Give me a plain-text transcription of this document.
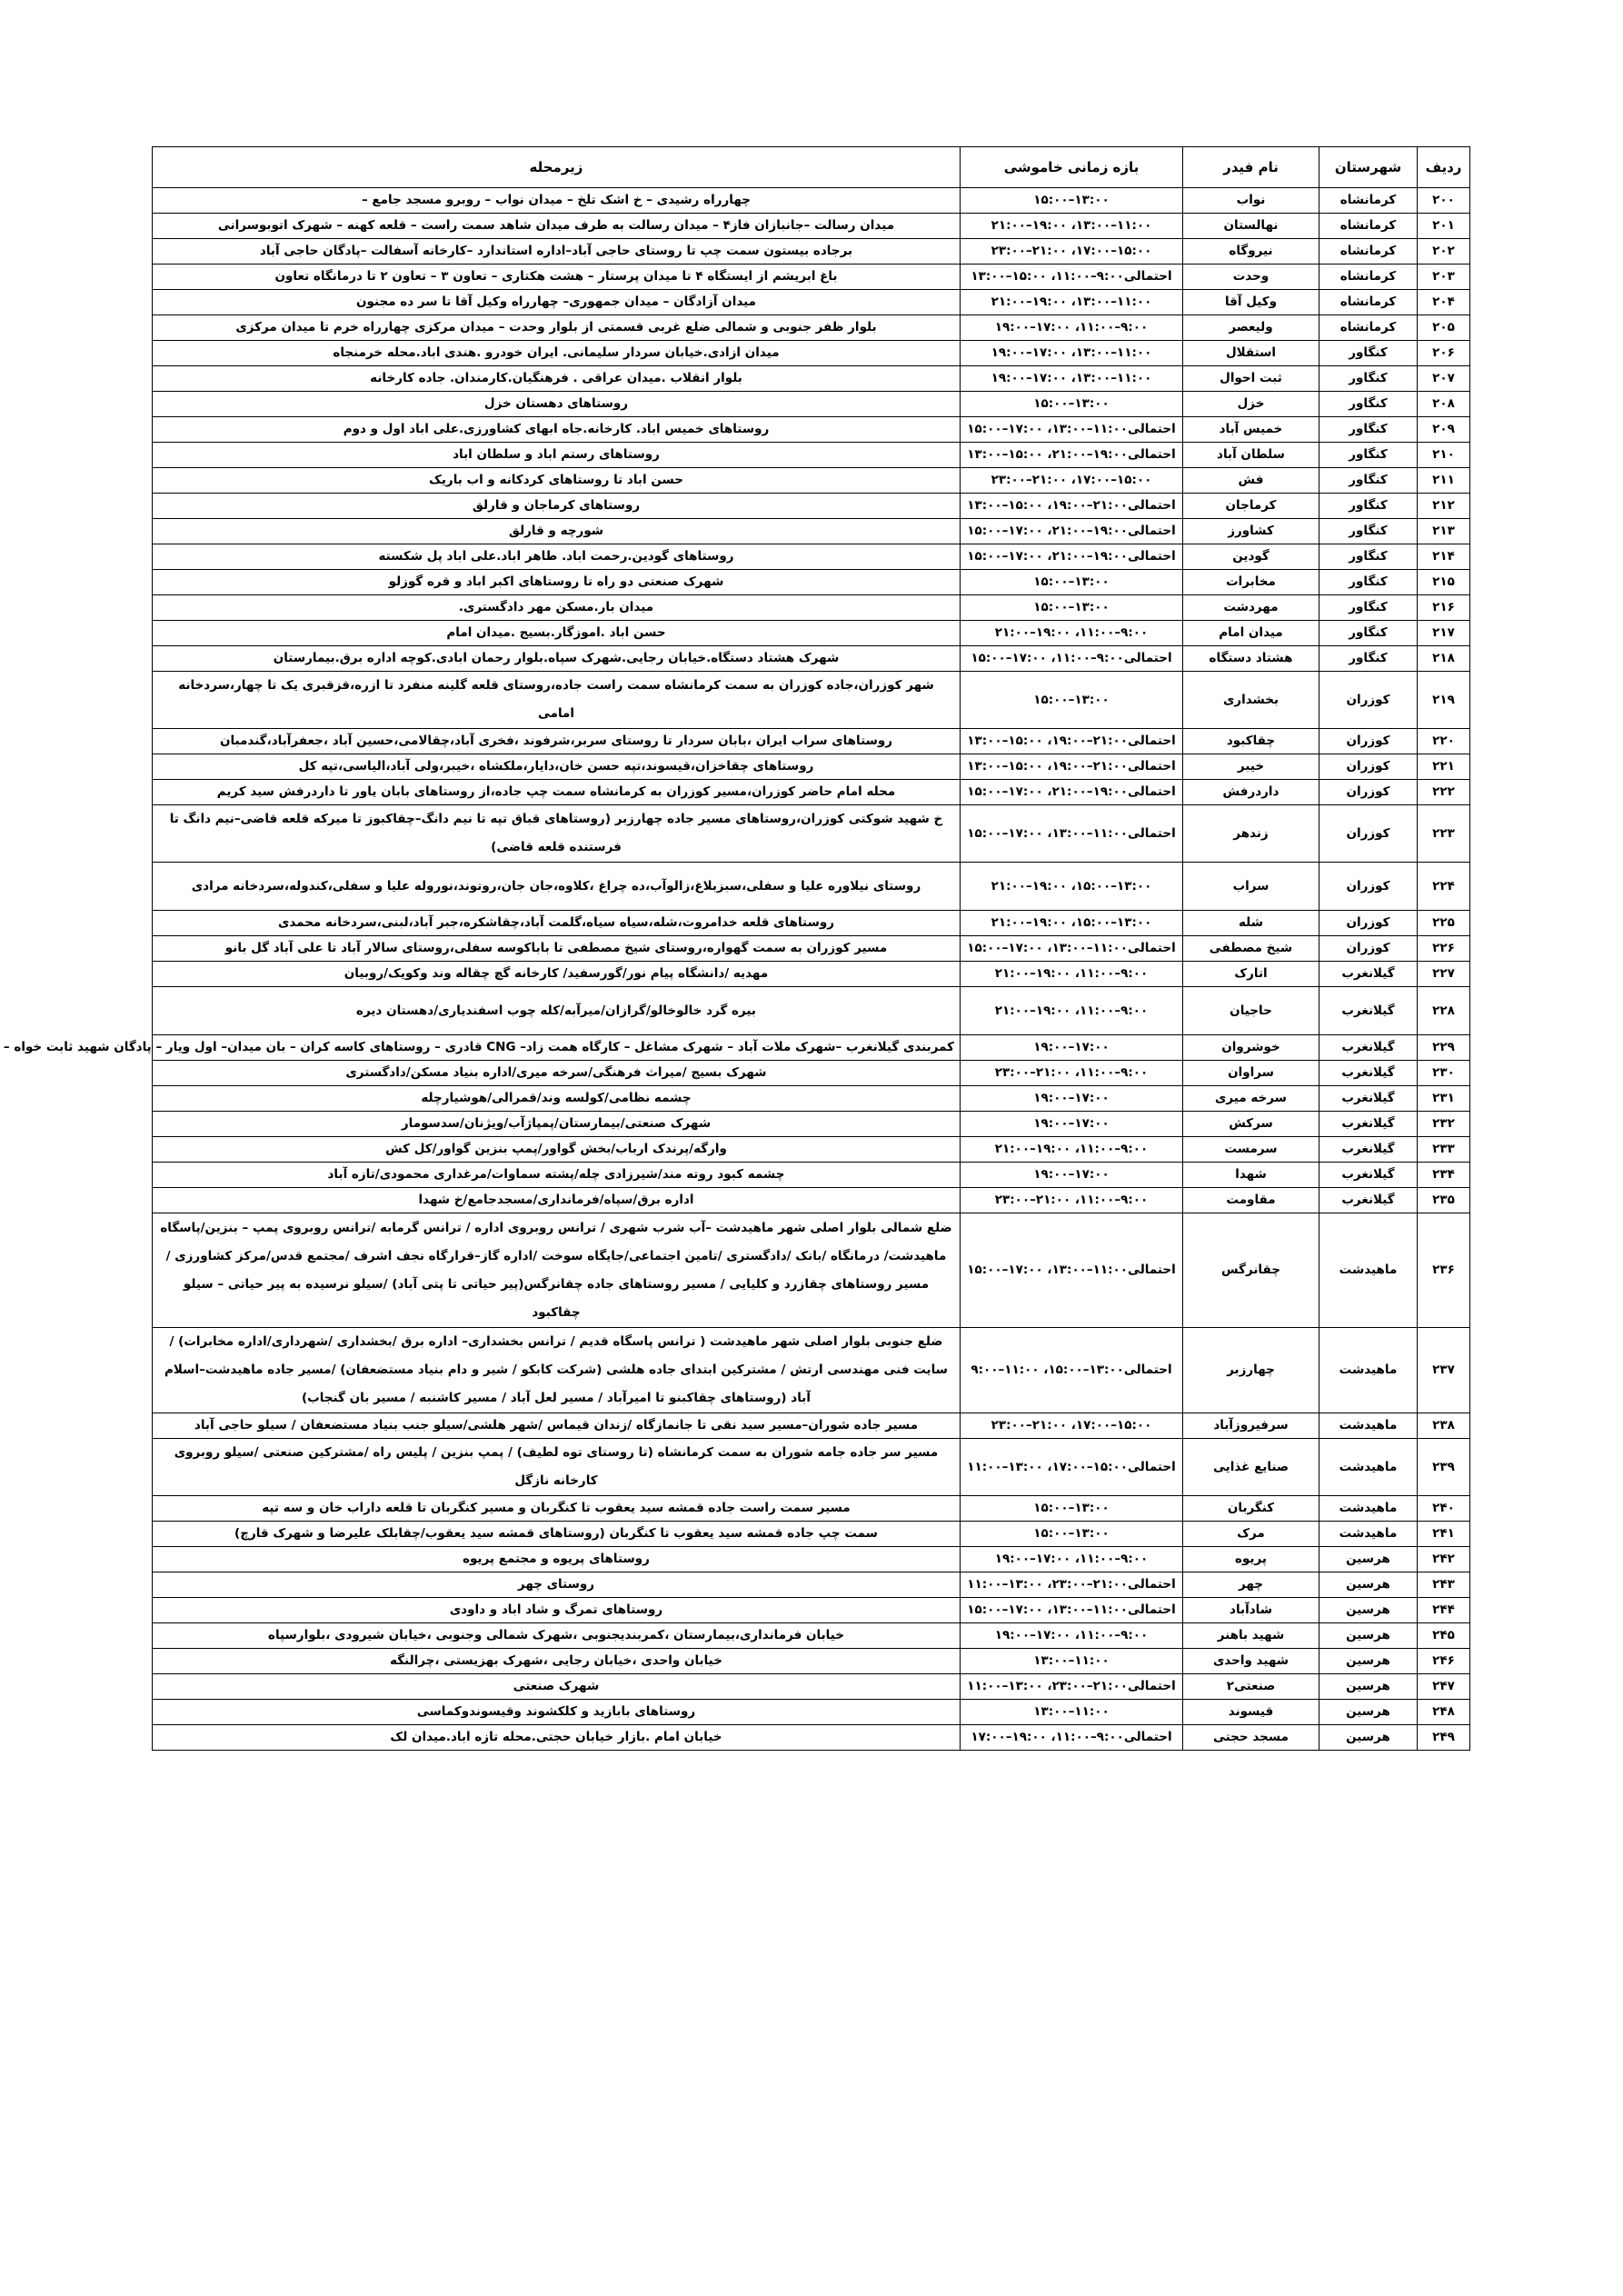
ردیف	شهرستان	نام فیدر	بازه زمانی خاموشی	زیرمحله
۲۰۰	کرمانشاه	نواب	۱۳:۰۰–۱۵:۰۰	چهارراه رشیدی – خ اشک تلخ – میدان نواب – روبرو مسجد جامع –
۲۰۱	کرمانشاه	نهالستان	۱۱:۰۰–۱۳:۰۰، ۱۹:۰۰–۲۱:۰۰	میدان رسالت –جانبازان فاز۴ – میدان رسالت به طرف میدان شاهد سمت راست – قلعه کهنه – شهرک اتوبوسرانی
۲۰۲	کرمانشاه	نیروگاه	۱۵:۰۰–۱۷:۰۰، ۲۱:۰۰–۲۳:۰۰	برجاده بیستون سمت چپ تا روستای حاجی آباد–اداره استاندارد –کارخانه آسفالت –پادگان حاجی آباد
۲۰۳	کرمانشاه	وحدت	احتمالی۹:۰۰–۱۱:۰۰، ۱۵:۰۰–۱۳:۰۰	باغ ابریشم از ایستگاه ۴ تا میدان پرستار – هشت هکتاری – تعاون ۳ – تعاون ۲ تا درمانگاه تعاون
۲۰۴	کرمانشاه	وکیل آقا	۱۱:۰۰–۱۳:۰۰، ۱۹:۰۰–۲۱:۰۰	میدان آزادگان – میدان جمهوری– چهارراه وکیل آقا تا سر ده مجنون
۲۰۵	کرمانشاه	ولیعصر	۹:۰۰–۱۱:۰۰، ۱۷:۰۰–۱۹:۰۰	بلوار ظفر جنوبی و شمالی ضلع غربی قسمتی از بلوار وحدت – میدان مرکزی چهارراه خرم تا میدان مرکزی
۲۰۶	کنگاور	استقلال	۱۱:۰۰–۱۳:۰۰، ۱۷:۰۰–۱۹:۰۰	میدان ازادی.خیابان سردار سلیمانی. ایران خودرو .هندی اباد.محله خرمنجاه
۲۰۷	کنگاور	ثبت احوال	۱۱:۰۰–۱۳:۰۰، ۱۷:۰۰–۱۹:۰۰	بلوار انقلاب .میدان عراقی . فرهنگیان.کارمندان. جاده کارخانه
۲۰۸	کنگاور	خزل	۱۳:۰۰–۱۵:۰۰	روستاهای دهستان خزل
۲۰۹	کنگاور	خمیس آباد	احتمالی۱۱:۰۰–۱۳:۰۰، ۱۷:۰۰–۱۵:۰۰	روستاهای خمیس اباد. کارخانه.جاه ابهای کشاورزی.علی اباد اول و دوم
۲۱۰	کنگاور	سلطان آباد	احتمالی۱۹:۰۰–۲۱:۰۰، ۱۵:۰۰–۱۳:۰۰	روستاهای رستم اباد و سلطان اباد
۲۱۱	کنگاور	فش	۱۵:۰۰–۱۷:۰۰، ۲۱:۰۰–۲۳:۰۰	حسن اباد تا روستاهای کردکانه و اب باریک
۲۱۲	کنگاور	کرماجان	احتمالی۲۱:۰۰–۱۹:۰۰، ۱۵:۰۰–۱۳:۰۰	روستاهای کرماجان و قارلق
۲۱۳	کنگاور	کشاورز	احتمالی۱۹:۰۰–۲۱:۰۰، ۱۷:۰۰–۱۵:۰۰	شورچه و قارلق
۲۱۴	کنگاور	گودین	احتمالی۱۹:۰۰–۲۱:۰۰، ۱۷:۰۰–۱۵:۰۰	روستاهای گودین.رحمت اباد. طاهر اباد.علی اباد پل شکسته
۲۱۵	کنگاور	مخابرات	۱۳:۰۰–۱۵:۰۰	شهرک صنعتی دو راه تا روستاهای اکبر اباد و قره گوزلو
۲۱۶	کنگاور	مهردشت	۱۳:۰۰–۱۵:۰۰	میدان بار.مسکن مهر دادگستری.
۲۱۷	کنگاور	میدان امام	۹:۰۰–۱۱:۰۰، ۱۹:۰۰–۲۱:۰۰	حسن اباد .اموزگار.بسیج .میدان امام
۲۱۸	کنگاور	هشتاد دستگاه	احتمالی۹:۰۰–۱۱:۰۰، ۱۷:۰۰–۱۵:۰۰	شهرک هشتاد دستگاه.خیابان رجایی.شهرک سپاه.بلوار رحمان ابادی.کوچه اداره برق.بیمارستان
۲۱۹	کوزران	بخشداری	۱۳:۰۰–۱۵:۰۰	شهر کوزران،جاده کوزران به سمت کرمانشاه سمت راست جاده،روستای قلعه گلینه منفرد تا ازره،قزقبری یک تا چهار،سردخانه امامی
۲۲۰	کوزران	چقاکبود	احتمالی۲۱:۰۰–۱۹:۰۰، ۱۵:۰۰–۱۳:۰۰	روستاهای سراب ایران ،بابان سردار تا روستای سربر،شرفوند ،فخری آباد،چقالامی،حسین آباد ،جعفرآباد،گندمبان
۲۲۱	کوزران	خیبر	احتمالی۲۱:۰۰–۱۹:۰۰، ۱۵:۰۰–۱۳:۰۰	روستاهای چقاخزان،قیسوند،تپه حسن خان،دایار،ملکشاه ،خیبر،ولی آباد،الیاسی،تپه کل
۲۲۲	کوزران	داردرفش	احتمالی۱۹:۰۰–۲۱:۰۰، ۱۷:۰۰–۱۵:۰۰	محله امام حاضر کوزران،مسیر کوزران به کرمانشاه سمت چپ جاده،از روستاهای بابان یاور تا داردرفش سید کریم
۲۲۳	کوزران	زندهر	احتمالی۱۱:۰۰–۱۳:۰۰، ۱۷:۰۰–۱۵:۰۰	خ شهید شوکتی کوزران،روستاهای مسیر جاده چهارزبر (روستاهای قباق تپه تا نیم دانگ–چقاکبوز تا میرکه قلعه قاضی–نیم دانگ تا فرستنده قلعه قاضی)
۲۲۴	کوزران	سراب	۱۳:۰۰–۱۵:۰۰، ۱۹:۰۰–۲۱:۰۰	روستای نیلاوره علیا و سفلی،سبزبلاغ،زالوآب،ده چراغ ،کلاوه،جان جان،روتوند،نوروله علیا و سفلی،کندوله،سردخانه مرادی
۲۲۵	کوزران	شله	۱۳:۰۰–۱۵:۰۰، ۱۹:۰۰–۲۱:۰۰	روستاهای قلعه خدامروت،شله،سیاه سیاه،گلمت آباد،چقاشکره،جبر آباد،لبنی،سردخانه محمدی
۲۲۶	کوزران	شیخ مصطفی	احتمالی۱۱:۰۰–۱۳:۰۰، ۱۷:۰۰–۱۵:۰۰	مسیر کوزران به سمت گهواره،روستای شیخ مصطفی تا باباکوسه سفلی،روستای سالار آباد تا علی آباد گل بانو
۲۲۷	گیلانغرب	اتارک	۹:۰۰–۱۱:۰۰، ۱۹:۰۰–۲۱:۰۰	مهدیه /دانشگاه پیام نور/گورسفید/ کارخانه گچ چقاله وند وکویک/روبیان
۲۲۸	گیلانغرب	حاجیان	۹:۰۰–۱۱:۰۰، ۱۹:۰۰–۲۱:۰۰	بیره گرد خالوخالو/گرازان/میرآبه/کله چوب اسفندیاری/دهستان دیره
۲۲۹	گیلانغرب	خوشروان	۱۷:۰۰–۱۹:۰۰	کمربندی گیلانغرب –شهرک ملات آباد – شهرک مشاغل – کارگاه همت زاد– CNG قادری – روستاهای کاسه کران – بان میدان– اول ویار – پادگان شهید ثابت خواه –
۲۳۰	گیلانغرب	سراوان	۹:۰۰–۱۱:۰۰، ۲۱:۰۰–۲۳:۰۰	شهرک بسیج /میراث فرهنگی/سرخه میری/اداره بنیاد مسکن/دادگستری
۲۳۱	گیلانغرب	سرخه میری	۱۷:۰۰–۱۹:۰۰	چشمه نظامی/کولسه وند/قمرالی/هوشیارچله
۲۳۲	گیلانغرب	سرکش	۱۷:۰۰–۱۹:۰۰	شهرک صنعتی/بیمارستان/پمپاژآب/ویژنان/سدسومار
۲۳۳	گیلانغرب	سرمست	۹:۰۰–۱۱:۰۰، ۱۹:۰۰–۲۱:۰۰	وارگه/پرندک ارباب/بخش گواور/پمپ بنزین گواور/کل کش
۲۳۴	گیلانغرب	شهدا	۱۷:۰۰–۱۹:۰۰	چشمه کبود روته مند/شیرزادی چله/پشته سماوات/مرغداری محمودی/تازه آباد
۲۳۵	گیلانغرب	مقاومت	۹:۰۰–۱۱:۰۰، ۲۱:۰۰–۲۳:۰۰	اداره برق/سپاه/فرمانداری/مسجدجامع/خ شهدا
۲۳۶	ماهیدشت	چقانرگس	احتمالی۱۱:۰۰–۱۳:۰۰، ۱۷:۰۰–۱۵:۰۰	ضلع شمالی بلوار اصلی شهر ماهیدشت –آب شرب شهری / ترانس روبروی اداره / ترانس گرمابه /ترانس روبروی پمپ – بنزین/پاسگاه ماهیدشت/ درمانگاه /بانک /دادگستری /تامین اجتماعی/جایگاه سوخت /اداره گاز–قرارگاه نجف اشرف /مجتمع قدس/مرکز کشاورزی /مسیر روستاهای چقازرد و کلیایی / مسیر روستاهای جاده چقانرگس(پیر حیاتی تا پتی آباد) /سیلو نرسیده به پیر حیاتی – سیلو چقاکبود
۲۳۷	ماهیدشت	چهارزبر	احتمالی۱۳:۰۰–۱۵:۰۰، ۱۱:۰۰–۹:۰۰	ضلع جنوبی بلوار اصلی شهر ماهیدشت ( ترانس پاسگاه قدیم / ترانس بخشداری– اداره برق /بخشداری /شهرداری/اداره مخابرات) /سایت فنی مهندسی ارتش / مشترکین ابتدای جاده هلشی (شرکت کابکو / شیر و دام بنیاد مستضعفان) /مسیر جاده ماهیدشت–اسلام آباد (روستاهای چقاکبنو تا امیرآباد / مسیر لعل آباد / مسیر کاشنبه / مسیر بان گنجاب)
۲۳۸	ماهیدشت	سرفیروزآباد	۱۵:۰۰–۱۷:۰۰، ۲۱:۰۰–۲۳:۰۰	مسیر جاده شوران–مسیر سید نقی تا جانمازگاه /زندان قیماس /شهر هلشی/سیلو جنب بنیاد مستضعفان / سیلو حاجی آباد
۲۳۹	ماهیدشت	صنایع غذایی	احتمالی۱۵:۰۰–۱۷:۰۰، ۱۳:۰۰–۱۱:۰۰	مسیر سر جاده جامه شوران به سمت کرمانشاه (تا روستای توه لطیف) / پمپ بنزین / پلیس راه /مشترکین صنعتی /سیلو روبروی کارخانه نازگل
۲۴۰	ماهیدشت	کنگربان	۱۳:۰۰–۱۵:۰۰	مسیر سمت راست جاده قمشه سید یعقوب تا کنگربان و مسیر کنگربان تا قلعه داراب خان و سه تپه
۲۴۱	ماهیدشت	مرک	۱۳:۰۰–۱۵:۰۰	سمت چپ جاده قمشه سید یعقوب تا کنگربان (روستاهای قمشه سید یعقوب/چقابلک علیرضا و شهرک قارچ)
۲۴۲	هرسین	پریوه	۹:۰۰–۱۱:۰۰، ۱۷:۰۰–۱۹:۰۰	روستاهای پریوه و مجتمع پریوه
۲۴۳	هرسین	چهر	احتمالی۲۱:۰۰–۲۳:۰۰، ۱۳:۰۰–۱۱:۰۰	روستای چهر
۲۴۴	هرسین	شادآباد	احتمالی۱۱:۰۰–۱۳:۰۰، ۱۷:۰۰–۱۵:۰۰	روستاهای تمرگ و شاد اباد و داودی
۲۴۵	هرسین	شهید باهنر	۹:۰۰–۱۱:۰۰، ۱۷:۰۰–۱۹:۰۰	خیابان فرمانداری،بیمارستان ،کمربندیجنوبی ،شهرک شمالی وجنوبی ،خیابان شیرودی ،بلوارسپاه
۲۴۶	هرسین	شهید واحدی	۱۱:۰۰–۱۳:۰۰	خیابان واحدی ،خیابان رجایی ،شهرک بهزیستی ،چرالنگه
۲۴۷	هرسین	صنعتی۲	احتمالی۲۱:۰۰–۲۳:۰۰، ۱۳:۰۰–۱۱:۰۰	شهرک صنعتی
۲۴۸	هرسین	قیسوند	۱۱:۰۰–۱۳:۰۰	روستاهای بابازید و کلکشوند وقیسوندوکماسی
۲۴۹	هرسین	مسجد حجتی	احتمالی۹:۰۰–۱۱:۰۰، ۱۹:۰۰–۱۷:۰۰	خیابان امام .بازار خیابان حجتی.محله تازه اباد.میدان لک
